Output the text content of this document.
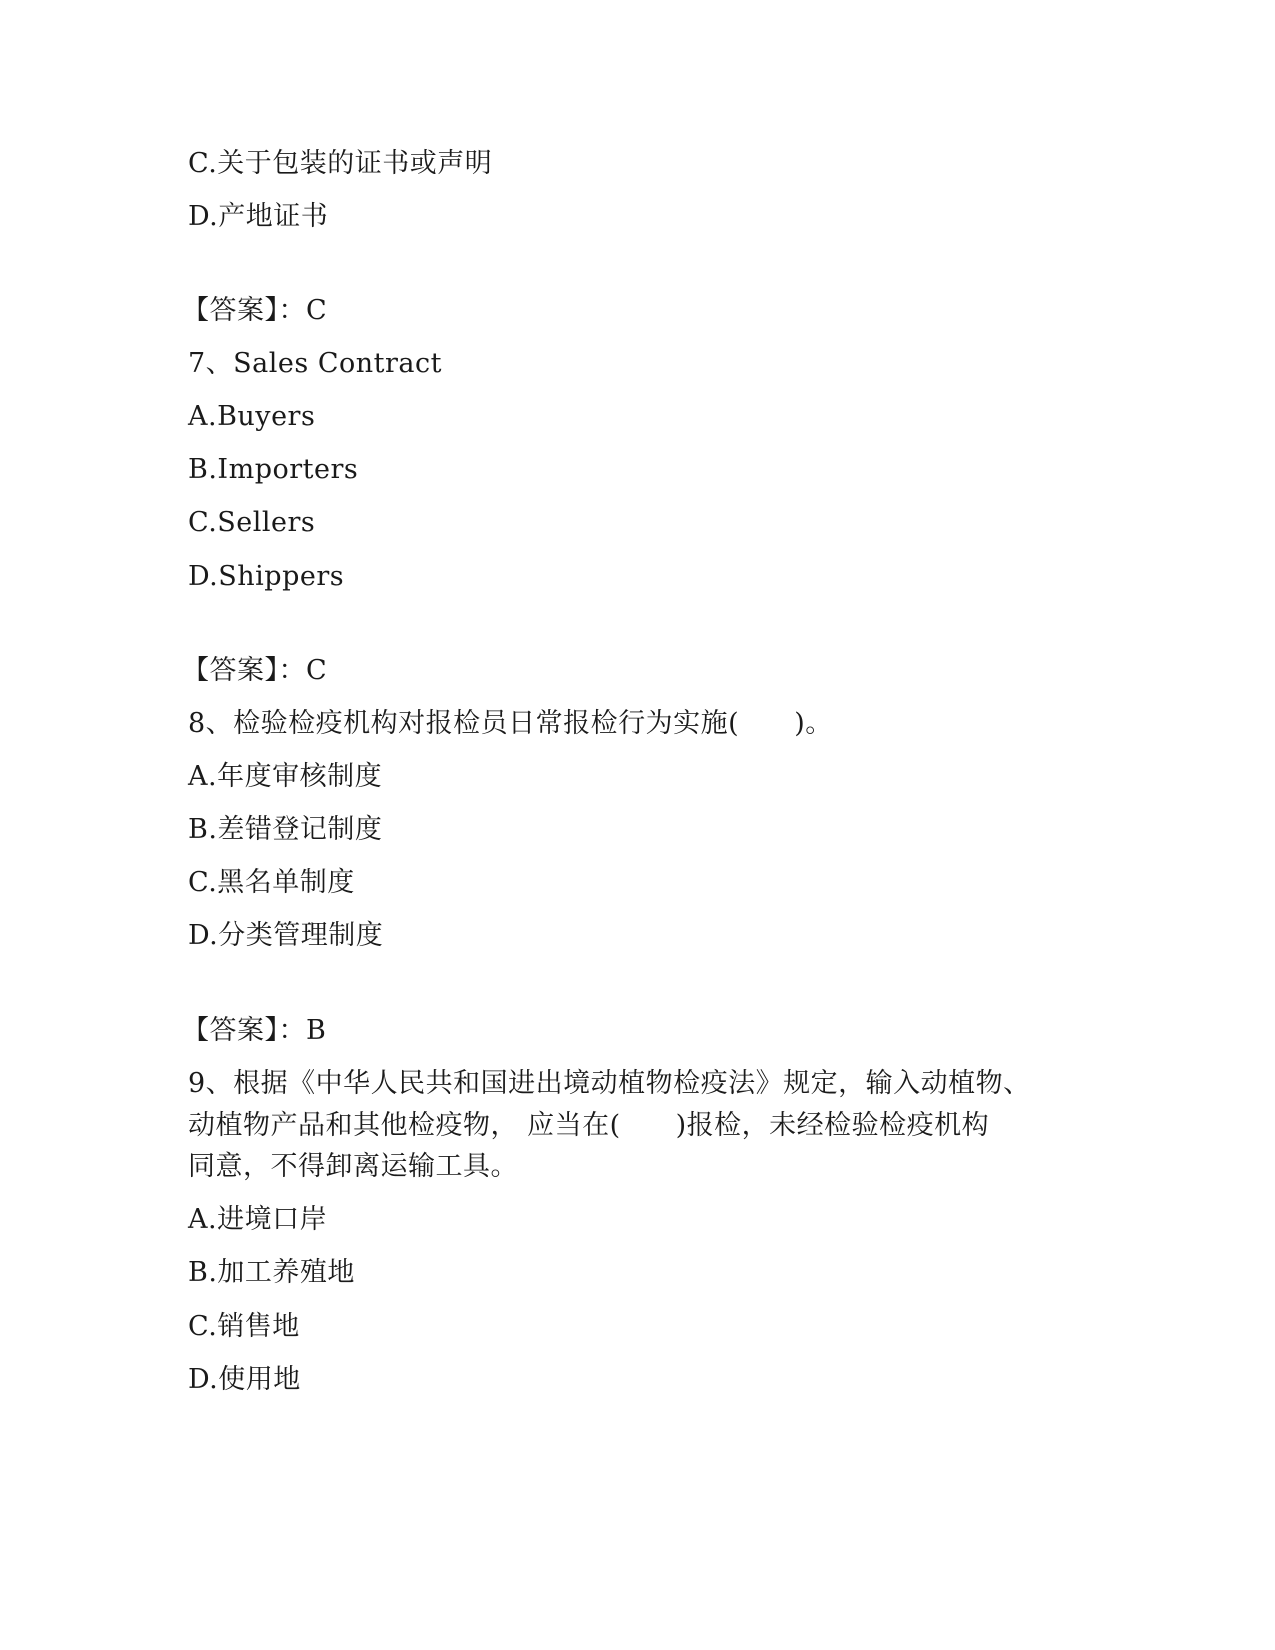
C.关于包装的证书或声明
D.产地证书
【答案】：C
7、Sales Contract
A.Buyers
B.Importers
C.Sellers
D.Shippers
【答案】：C
8、检验检疫机构对报检员日常报检行为实施(　　)。
A.年度审核制度
B.差错登记制度
C.黑名单制度
D.分类管理制度
【答案】：B
9、根据《中华人民共和国进出境动植物检疫法》规定，输入动植物、
动植物产品和其他检疫物， 应当在(　　)报检，未经检验检疫机构
同意，不得卸离运输工具。
A.进境口岸
B.加工养殖地
C.销售地
D.使用地
